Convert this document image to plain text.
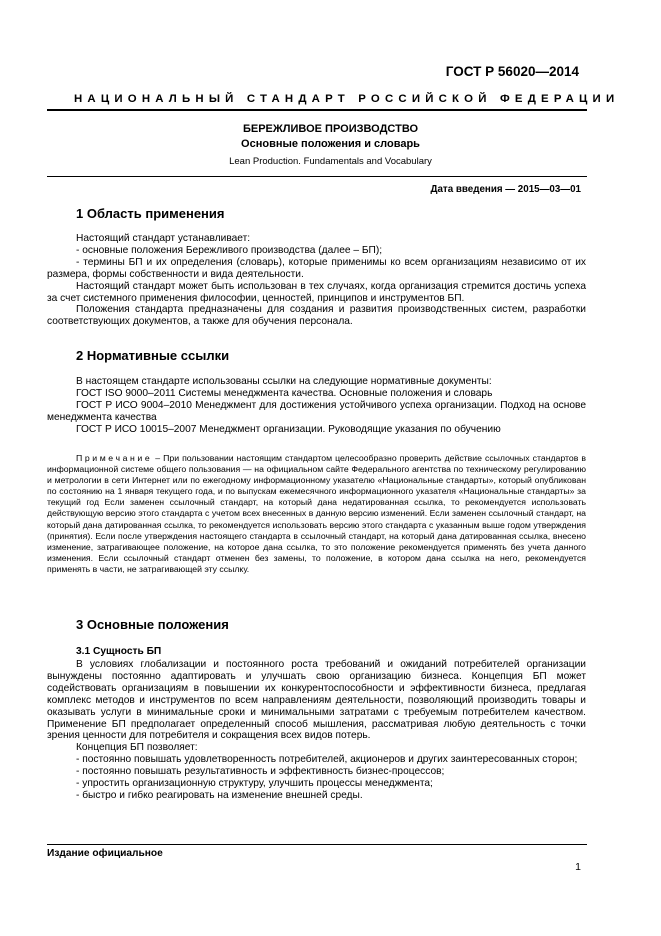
ГОСТ Р 56020—2014
НАЦИОНАЛЬНЫЙ СТАНДАРТ РОССИЙСКОЙ ФЕДЕРАЦИИ
БЕРЕЖЛИВОЕ ПРОИЗВОДСТВО
Основные положения и словарь
Lean Production. Fundamentals and Vocabulary
Дата введения — 2015—03—01
1 Область применения

Настоящий стандарт устанавливает:

- основные положения Бережливого производства (далее – БП);

- термины БП и их определения (словарь), которые применимы ко всем организациям независимо от их размера, формы собственности и вида деятельности.

Настоящий стандарт может быть использован в тех случаях, когда организация стремится достичь успеха за счет системного применения философии, ценностей, принципов и инструментов БП.

Положения стандарта предназначены для создания и развития производственных систем, разработки соответствующих документов, а также для обучения персонала.

2 Нормативные ссылки

В настоящем стандарте использованы ссылки на следующие нормативные документы:

ГОСТ ISO 9000–2011 Системы менеджмента качества. Основные положения и словарь

ГОСТ Р ИСО 9004–2010 Менеджмент для достижения устойчивого успеха организации. Подход на основе менеджмента качества

ГОСТ Р ИСО 10015–2007 Менеджмент организации. Руководящие указания по обучению

Примечание – При пользовании настоящим стандартом целесообразно проверить действие ссылочных стандартов в информационной системе общего пользования — на официальном сайте Федерального агентства по техническому регулированию и метрологии в сети Интернет или по ежегодному информационному указателю «Национальные стандарты», который опубликован по состоянию на 1 января текущего года, и по выпускам ежемесячного информационного указателя «Национальные стандарты» за текущий год Если заменен ссылочный стандарт, на который дана недатированная ссылка, то рекомендуется использовать действующую версию этого стандарта с учетом всех внесенных в данную версию изменений. Если заменен ссылочный стандарт, на который дана датированная ссылка, то рекомендуется использовать версию этого стандарта с указанным выше годом утверждения (принятия). Если после утверждения настоящего стандарта в ссылочный стандарт, на который дана датированная ссылка, внесено изменение, затрагивающее положение, на которое дана ссылка, то это положение рекомендуется применять без учета данного изменения. Если ссылочный стандарт отменен без замены, то положение, в котором дана ссылка на него, рекомендуется применять в части, не затрагивающей эту ссылку.

3 Основные положения
3.1 Сущность БП

В условиях глобализации и постоянного роста требований и ожиданий потребителей организации вынуждены постоянно адаптировать и улучшать свою организацию бизнеса. Концепция БП может содействовать организациям в повышении их конкурентоспособности и эффективности бизнеса, предлагая комплекс методов и инструментов по всем направлениям деятельности, позволяющий производить товары и оказывать услуги в минимальные сроки и минимальными затратами с требуемым потребителем качеством. Применение БП предполагает определенный способ мышления, рассматривая любую деятельность с точки зрения ценности для потребителя и сокращения всех видов потерь.

Концепция БП позволяет:

- постоянно повышать удовлетворенность потребителей, акционеров и других заинтересованных сторон;

- постоянно повышать результативность и эффективность бизнес-процессов;

- упростить организационную структуру, улучшить процессы менеджмента;

- быстро и гибко реагировать на изменение внешней среды.

Издание официальное
1
